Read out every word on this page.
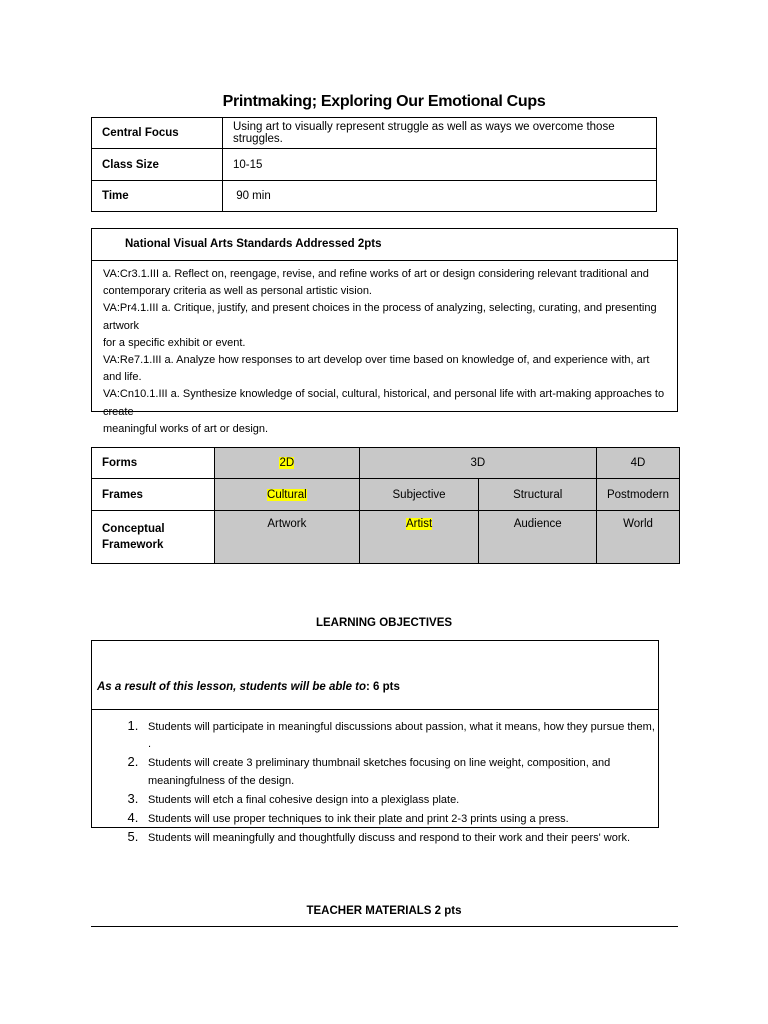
Printmaking; Exploring Our Emotional Cups
Central Focus	Using art to visually represent struggle as well as ways we overcome those struggles.
Class Size	10-15
Time	90 min
National Visual Arts Standards Addressed 2pts

VA:Cr3.1.III a. Reflect on, reengage, revise, and refine works of art or design considering relevant traditional and

contemporary criteria as well as personal artistic vision.

VA:Pr4.1.III a. Critique, justify, and present choices in the process of analyzing, selecting, curating, and presenting artwork

for a specific exhibit or event.

VA:Re7.1.III a. Analyze how responses to art develop over time based on knowledge of, and experience with, art

and life.

VA:Cn10.1.III a. Synthesize knowledge of social, cultural, historical, and personal life with art-making approaches to create

meaningful works of art or design.

Forms	2D	3D		4D
Frames	Cultural	Subjective	Structural	Postmodern
Conceptual Framework	Artwork	Artist	Audience	World
LEARNING OBJECTIVES
As a result of this lesson, students will be able to: 6 pts
1. Students will participate in meaningful discussions about passion, what it means, how they pursue them, .
2. Students will create 3 preliminary thumbnail sketches focusing on line weight, composition, and meaningfulness of the design.
3. Students will etch a final cohesive design into a plexiglass plate.
4. Students will use proper techniques to ink their plate and print 2-3 prints using a press.
5. Students will meaningfully and thoughtfully discuss and respond to their work and their peers' work.
TEACHER MATERIALS 2 pts
